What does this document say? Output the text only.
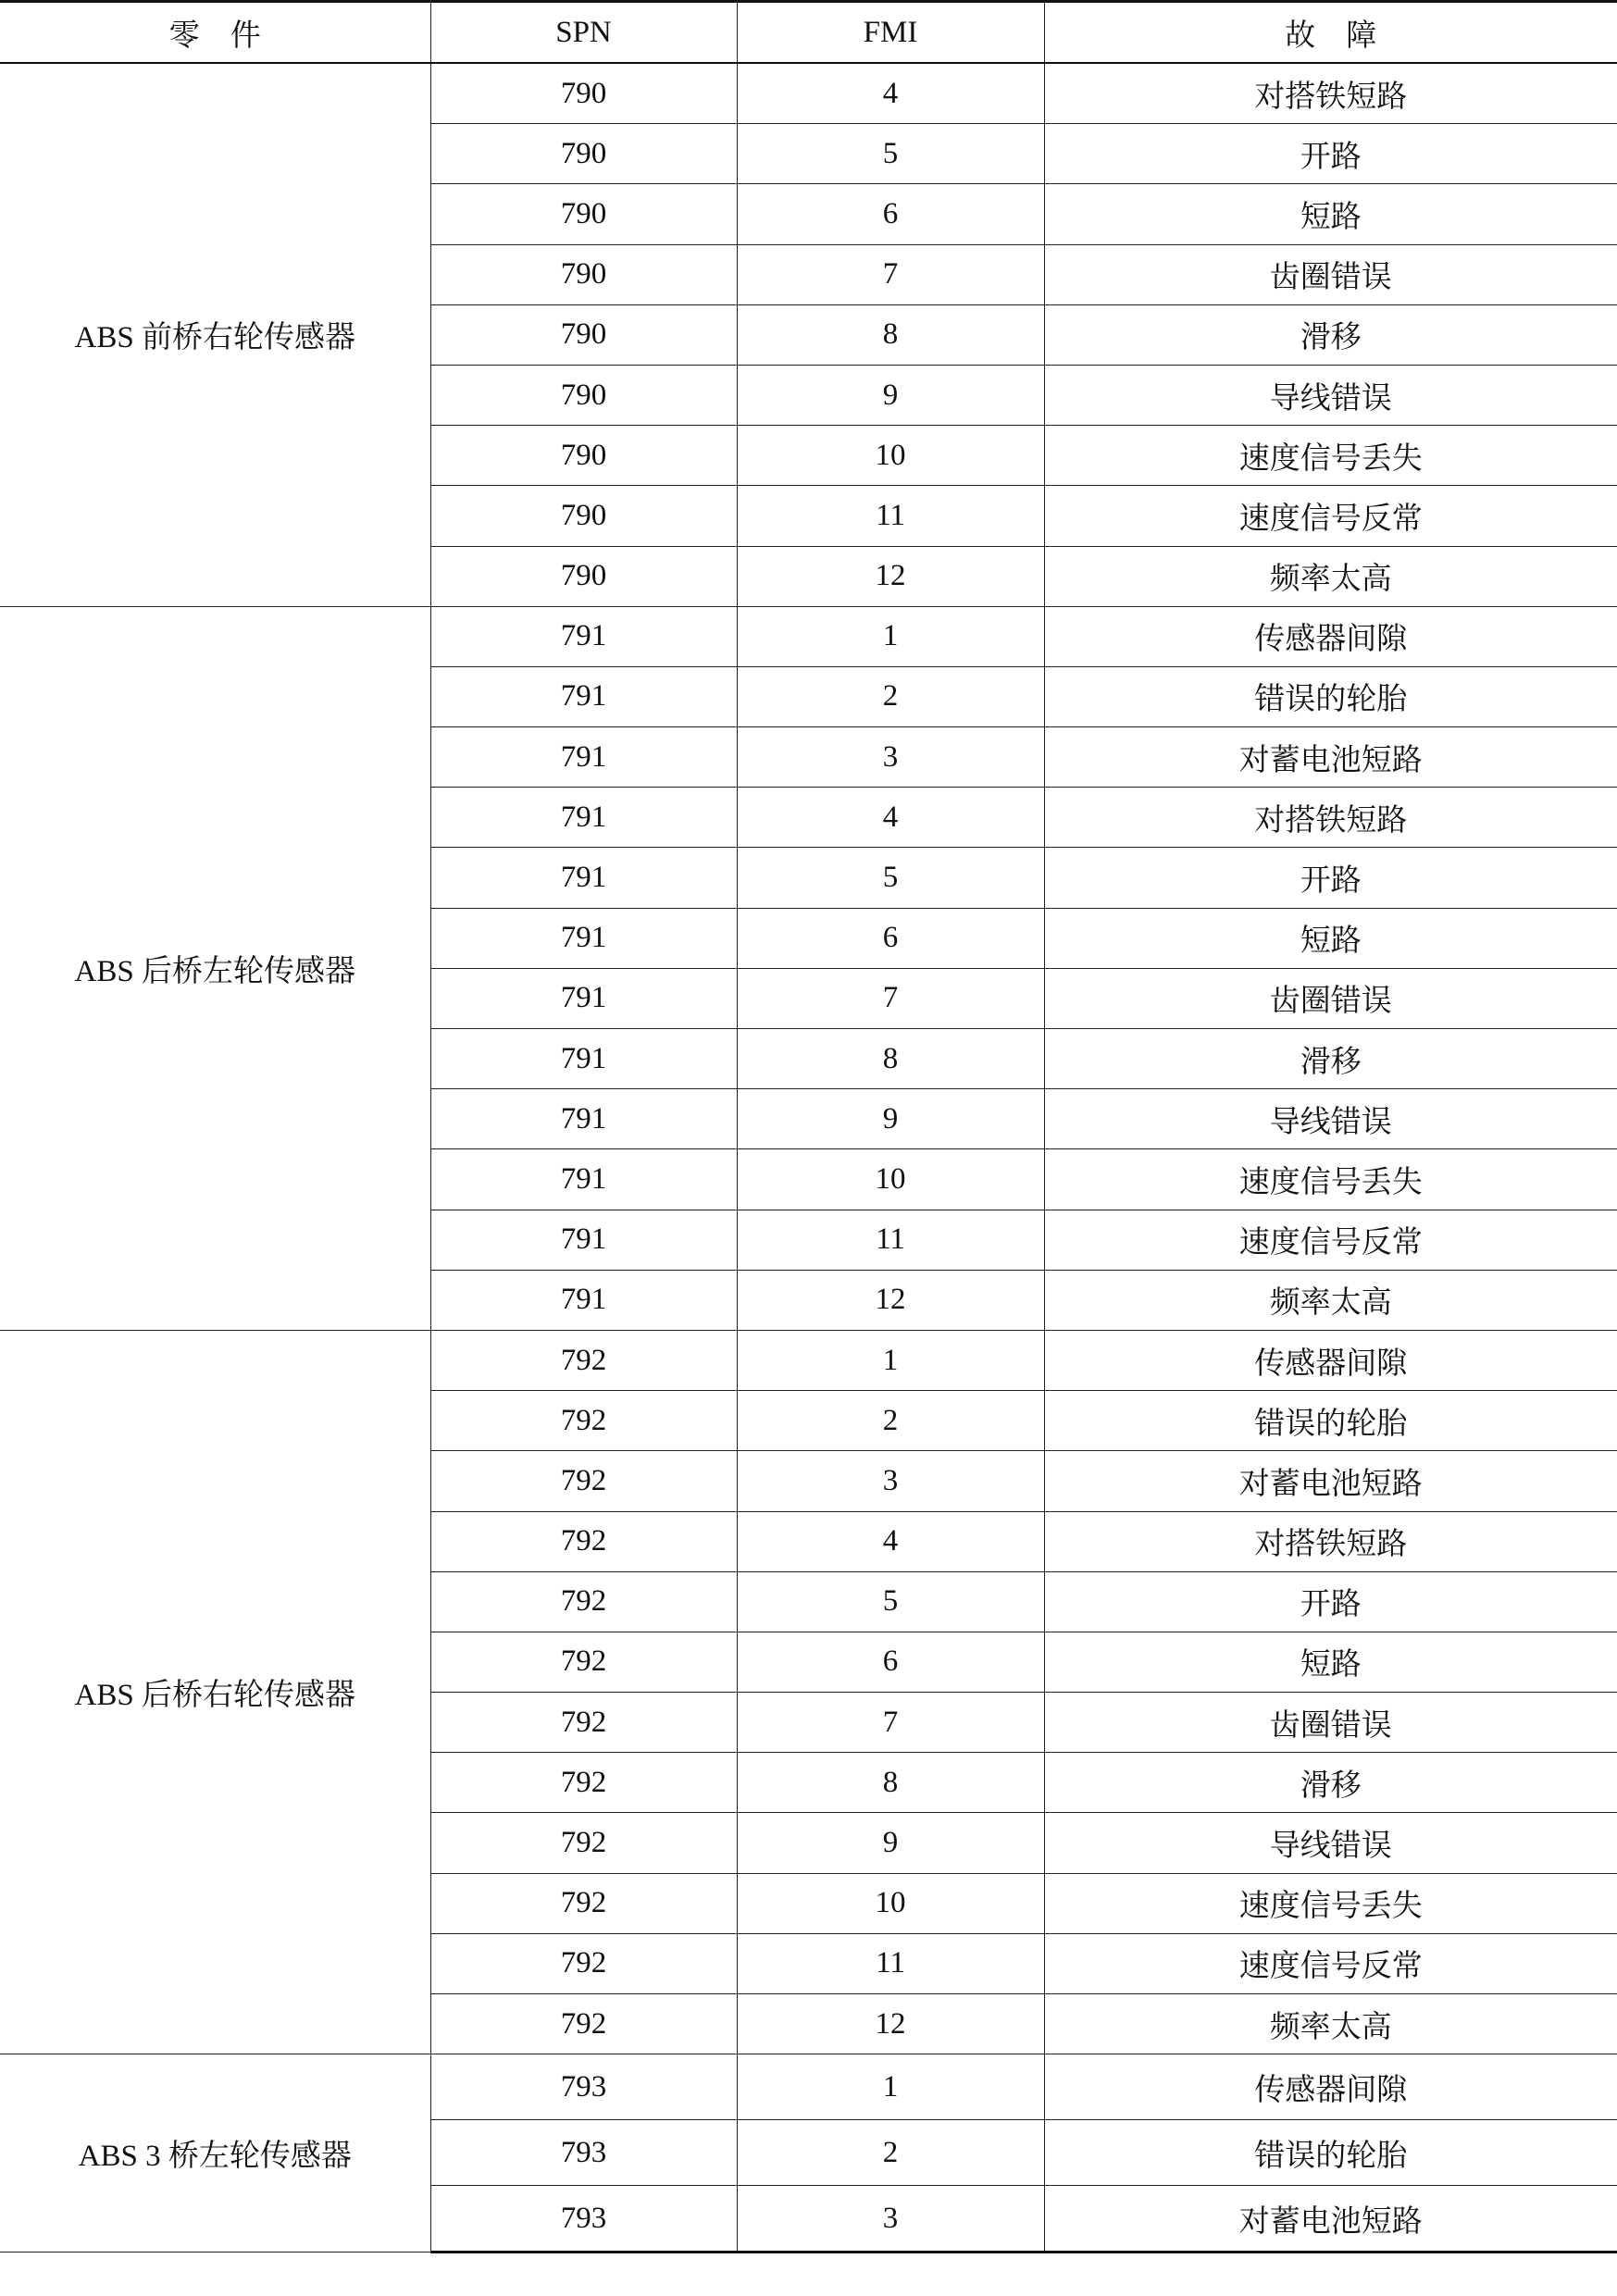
零　件	SPN	FMI	故　障
ABS 前桥右轮传感器	790	4	对搭铁短路
	790	5	开路
	790	6	短路
	790	7	齿圈错误
	790	8	滑移
	790	9	导线错误
	790	10	速度信号丢失
	790	11	速度信号反常
	790	12	频率太高
ABS 后桥左轮传感器	791	1	传感器间隙
	791	2	错误的轮胎
	791	3	对蓄电池短路
	791	4	对搭铁短路
	791	5	开路
	791	6	短路
	791	7	齿圈错误
	791	8	滑移
	791	9	导线错误
	791	10	速度信号丢失
	791	11	速度信号反常
	791	12	频率太高
ABS 后桥右轮传感器	792	1	传感器间隙
	792	2	错误的轮胎
	792	3	对蓄电池短路
	792	4	对搭铁短路
	792	5	开路
	792	6	短路
	792	7	齿圈错误
	792	8	滑移
	792	9	导线错误
	792	10	速度信号丢失
	792	11	速度信号反常
	792	12	频率太高
ABS 3 桥左轮传感器	793	1	传感器间隙
	793	2	错误的轮胎
	793	3	对蓄电池短路
